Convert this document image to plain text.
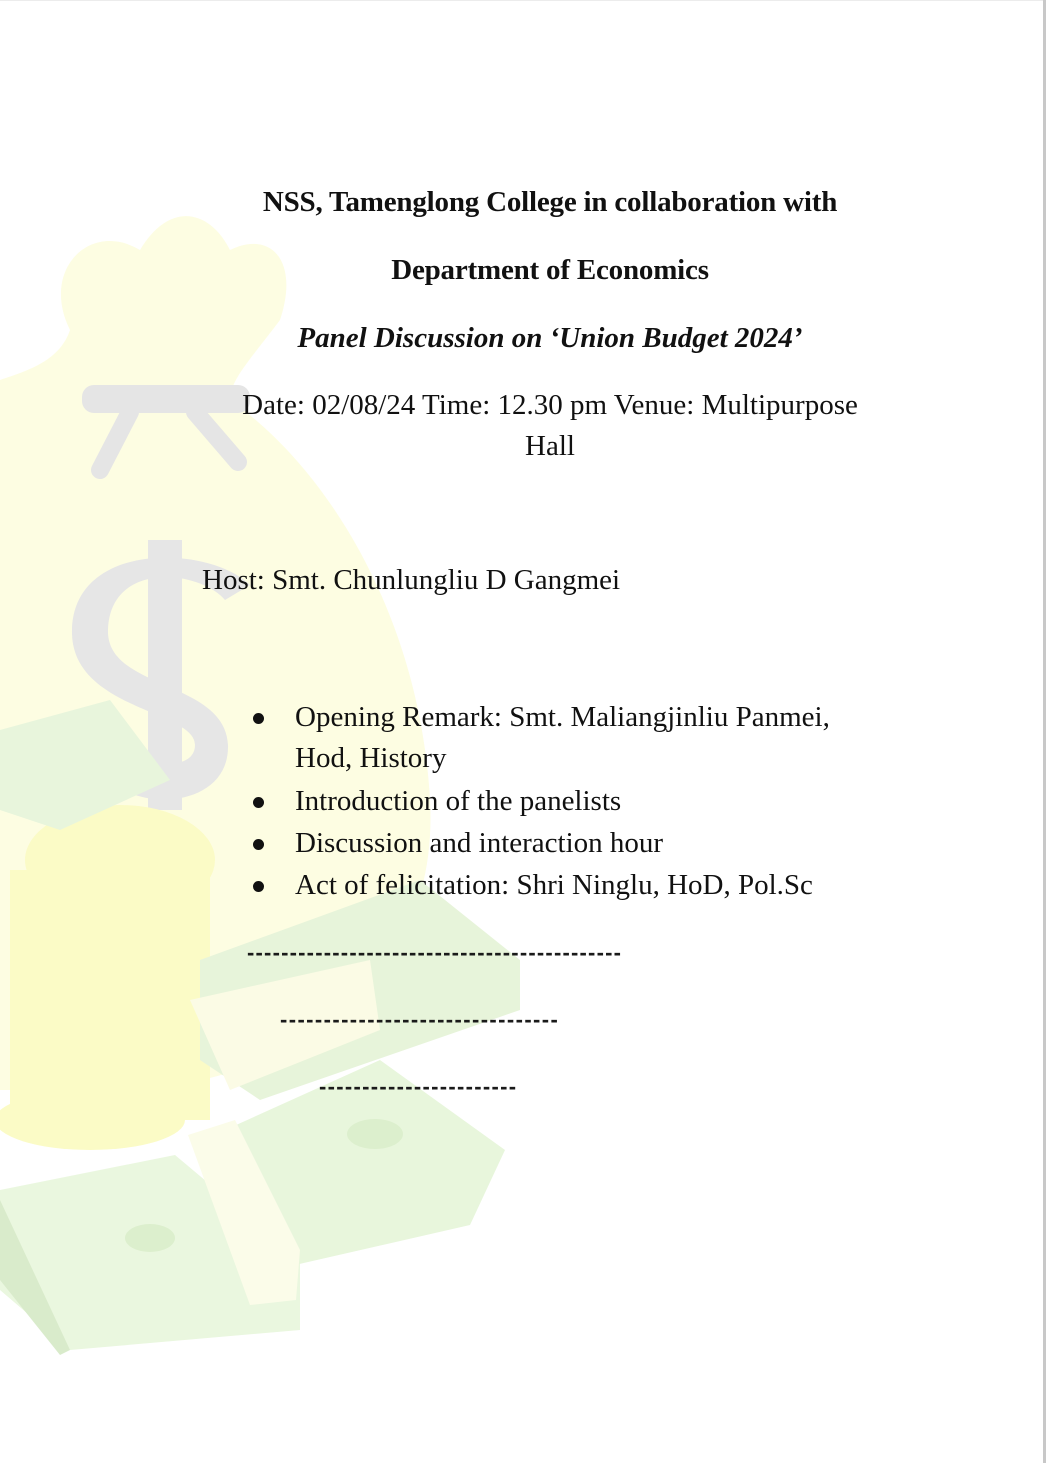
NSS, Tamenglong College in collaboration with
Department of Economics
Panel Discussion on ‘Union Budget 2024’
Date: 02/08/24 Time: 12.30 pm Venue: Multipurpose
Hall
Host: Smt. Chunlungliu D Gangmei
Opening Remark: Smt. Maliangjinliu Panmei,
Hod, History
Introduction of the panelists
Discussion and interaction hour
Act of felicitation: Shri Ninglu, HoD, Pol.Sc
--------------------------------------------
--------------------------------
-----------------------
